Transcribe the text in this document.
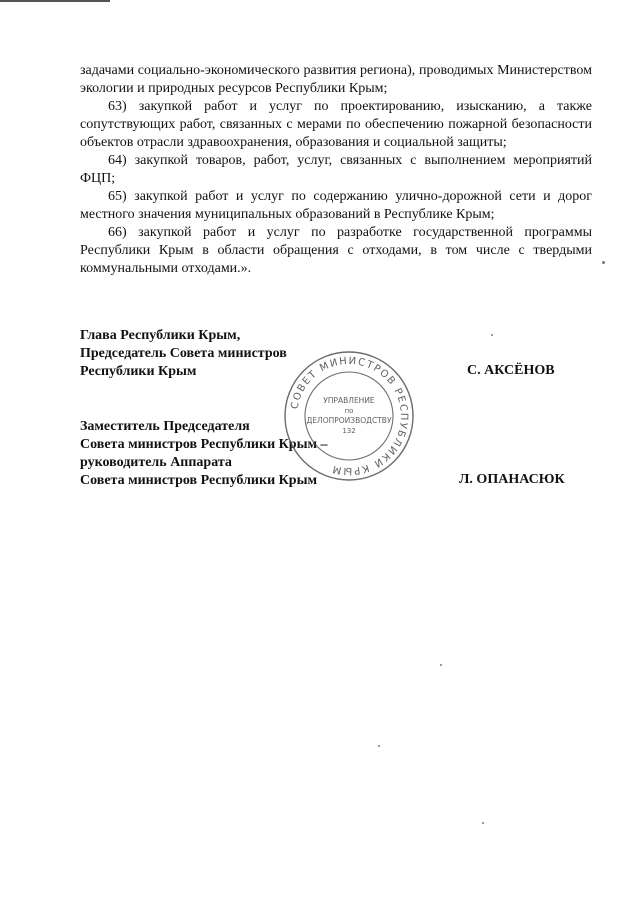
задачами социально-экономического развития региона), проводимых Министерством экологии и природных ресурсов Республики Крым;

63) закупкой работ и услуг по проектированию, изысканию, а также сопутствующих работ, связанных с мерами по обеспечению пожарной безопасности объектов отрасли здравоохранения, образования и социальной защиты;

64) закупкой товаров, работ, услуг, связанных с выполнением мероприятий ФЦП;

65) закупкой работ и услуг по содержанию улично-дорожной сети и дорог местного значения муниципальных образований в Республике Крым;

66) закупкой работ и услуг по разработке государственной программы Республики Крым в области обращения с отходами, в том числе с твердыми коммунальными отходами.».

Глава Республики Крым,
Председатель Совета министров
Республики Крым	С. АКСЁНОВ
Заместитель Председателя
Совета министров Республики Крым –
руководитель Аппарата
Совета министров Республики Крым	Л. ОПАНАСЮК
СОВЕТ МИНИСТРОВ РЕСПУБЛИКИ КРЫМ
УПРАВЛЕНИЕ
по
ДЕЛОПРОИЗВОДСТВУ
132
